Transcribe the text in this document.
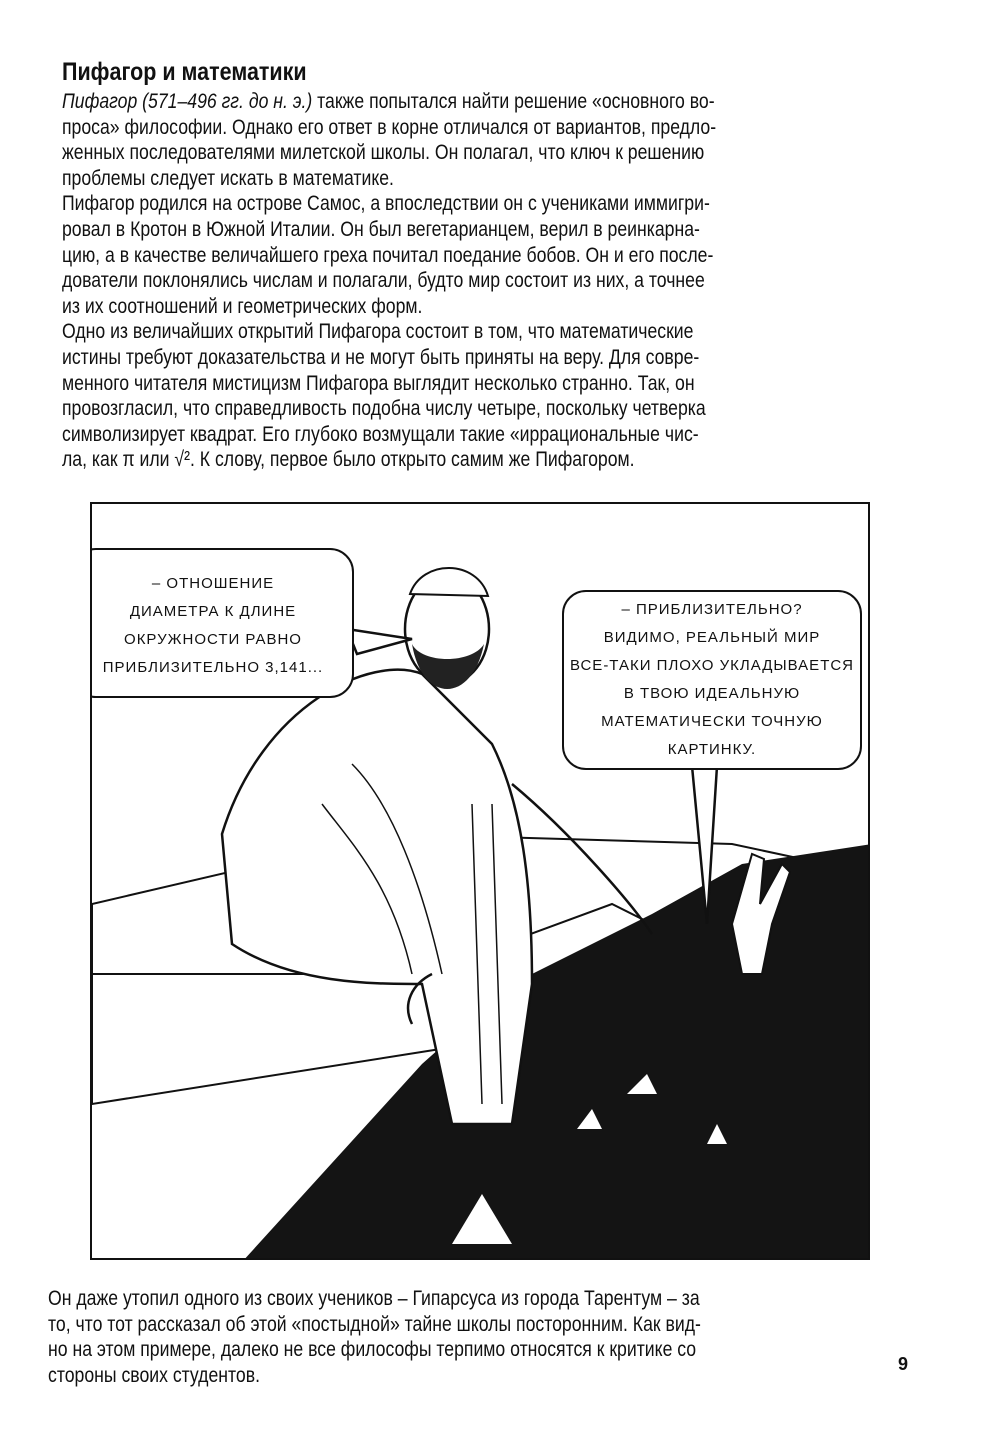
Пифагор и математики
Пифагор (571–496 гг. до н. э.) также попытался найти решение «основного во-
проса» философии. Однако его ответ в корне отличался от вариантов, предло-
женных последователями милетской школы. Он полагал, что ключ к решению
проблемы следует искать в математике.
Пифагор родился на острове Самос, а впоследствии он с учениками иммигри-
ровал в Кротон в Южной Италии. Он был вегетарианцем, верил в реинкарна-
цию, а в качестве величайшего греха почитал поедание бобов. Он и его после-
дователи поклонялись числам и полагали, будто мир состоит из них, а точнее
из их соотношений и геометрических форм.
Одно из величайших открытий Пифагора состоит в том, что математические
истины требуют доказательства и не могут быть приняты на веру. Для совре-
менного читателя мистицизм Пифагора выглядит несколько странно. Так, он
провозгласил, что справедливость подобна числу четыре, поскольку четверка
символизирует квадрат. Его глубоко возмущали такие «иррациональные чис-
ла, как π или √². К слову, первое было открыто самим же Пифагором.
– ОТНОШЕНИЕ
ДИАМЕТРА К ДЛИНЕ
ОКРУЖНОСТИ РАВНО
ПРИБЛИЗИТЕЛЬНО 3,141...
– ПРИБЛИЗИТЕЛЬНО?
ВИДИМО, РЕАЛЬНЫЙ МИР
ВСЕ-ТАКИ ПЛОХО УКЛАДЫВАЕТСЯ
В ТВОЮ ИДЕАЛЬНУЮ
МАТЕМАТИЧЕСКИ ТОЧНУЮ
КАРТИНКУ.
Он даже утопил одного из своих учеников – Гипарсуса из города Тарентум – за
то, что тот рассказал об этой «постыдной» тайне школы посторонним. Как вид-
но на этом примере, далеко не все философы терпимо относятся к критике со
стороны своих студентов.	9
